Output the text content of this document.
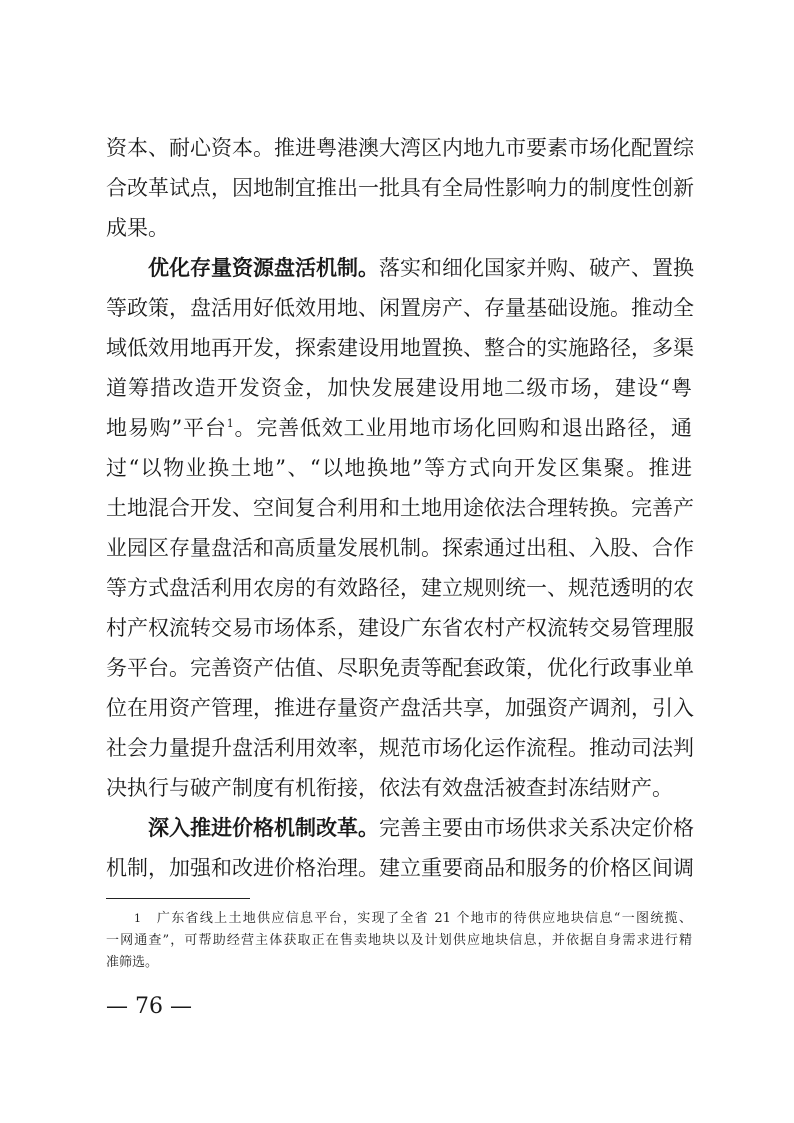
资本、耐心资本。推进粤港澳大湾区内地九市要素市场化配置综
合改革试点，因地制宜推出一批具有全局性影响力的制度性创新
成果。
优化存量资源盘活机制。落实和细化国家并购、破产、置换
等政策，盘活用好低效用地、闲置房产、存量基础设施。推动全
域低效用地再开发，探索建设用地置换、整合的实施路径，多渠
道筹措改造开发资金，加快发展建设用地二级市场，建设“粤
地易购”平台$^1$。完善低效工业用地市场化回购和退出路径，通
过“以物业换土地”、“以地换地”等方式向开发区集聚。推进
土地混合开发、空间复合利用和土地用途依法合理转换。完善产
业园区存量盘活和高质量发展机制。探索通过出租、入股、合作
等方式盘活利用农房的有效路径，建立规则统一、规范透明的农
村产权流转交易市场体系，建设广东省农村产权流转交易管理服
务平台。完善资产估值、尽职免责等配套政策，优化行政事业单
位在用资产管理，推进存量资产盘活共享，加强资产调剂，引入
社会力量提升盘活利用效率，规范市场化运作流程。推动司法判
决执行与破产制度有机衔接，依法有效盘活被查封冻结财产。
深入推进价格机制改革。完善主要由市场供求关系决定价格
机制，加强和改进价格治理。建立重要商品和服务的价格区间调
1 广东省线上土地供应信息平台，实现了全省 21 个地市的待供应地块信息“一图统揽、
一网通查”，可帮助经营主体获取正在售卖地块以及计划供应地块信息，并依据自身需求进行精
准筛选。
— 76 —
